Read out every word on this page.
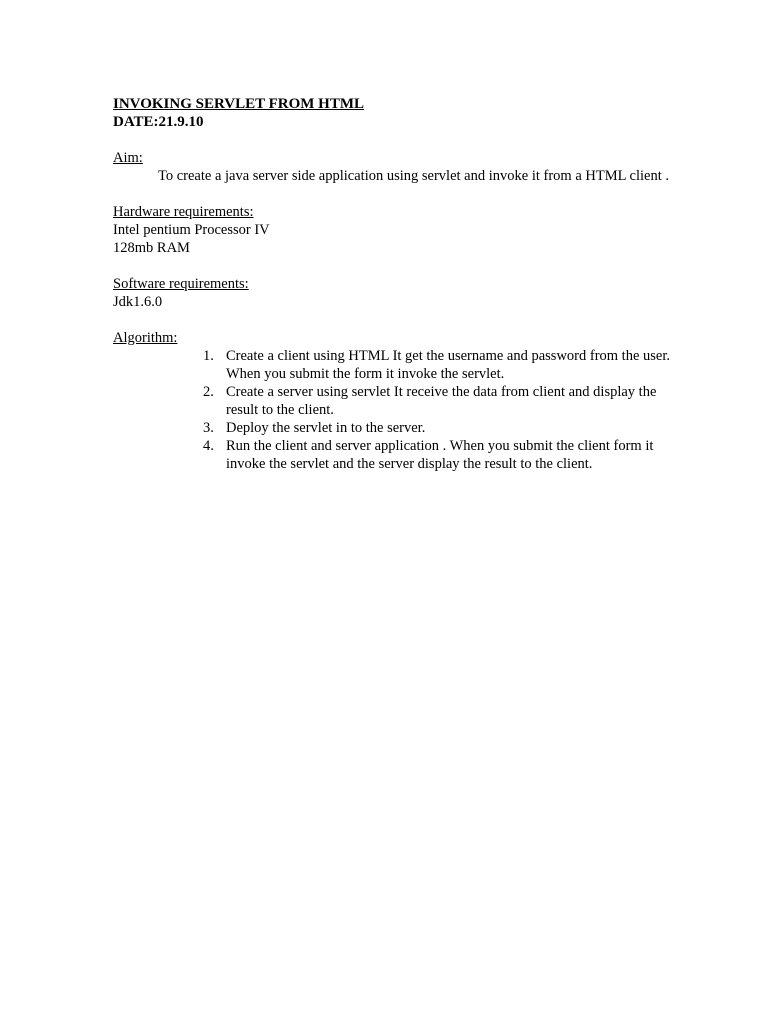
INVOKING SERVLET FROM HTML
DATE:21.9.10
Aim:
To create a java server side application using servlet and invoke it from a HTML client .
Hardware requirements:
Intel pentium Processor IV
128mb RAM
Software requirements:
Jdk1.6.0
Algorithm:
1. Create a client using HTML It get the username and password from the user. When you submit the form it invoke the servlet.
2. Create a server using servlet It receive the data from client and display the result to the client.
3. Deploy the servlet in to the server.
4. Run the client and server application . When you submit the client form it invoke the servlet and the server display the result to the client.
